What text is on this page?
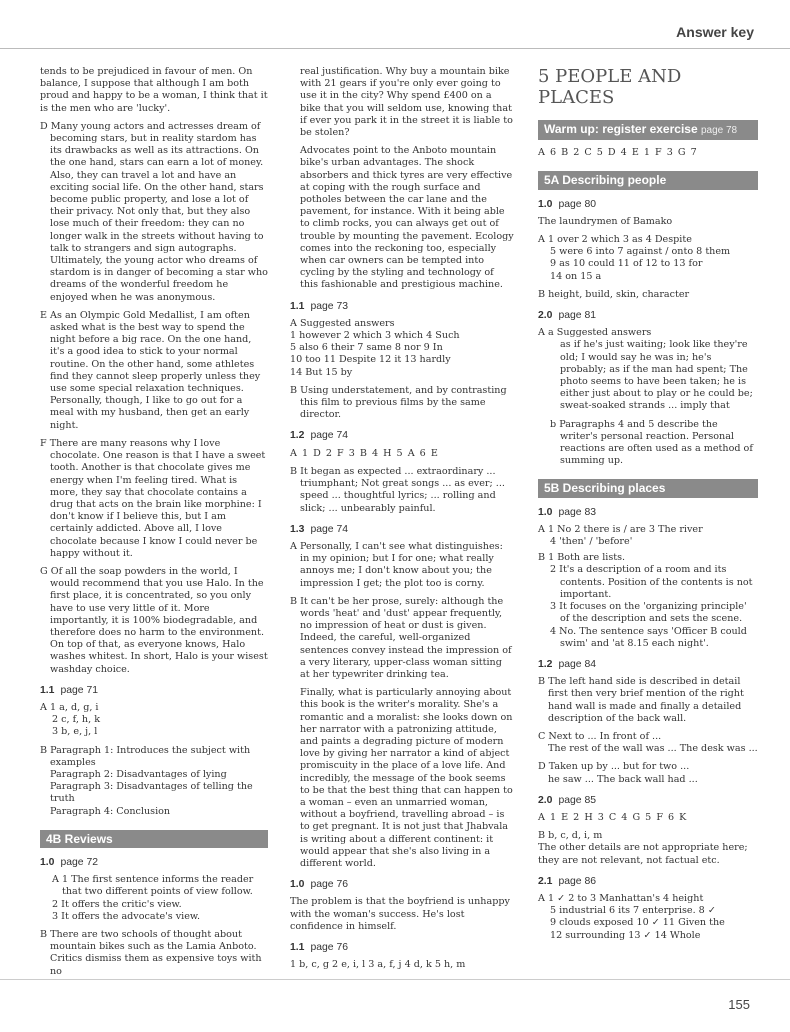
Answer key

tends to be prejudiced in favour of men. On balance, I suppose that although I am both proud and happy to be a woman, I think that it is the men who are 'lucky'.

D Many young actors and actresses dream of becoming stars, but in reality stardom has its drawbacks as well as its attractions. On the one hand, stars can earn a lot of money. Also, they can travel a lot and have an exciting social life. On the other hand, stars become public property, and lose a lot of their privacy. Not only that, but they also lose much of their freedom: they can no longer walk in the streets without having to talk to strangers and sign autographs. Ultimately, the young actor who dreams of stardom is in danger of becoming a star who dreams of the wonderful freedom he enjoyed when he was anonymous.

E As an Olympic Gold Medallist, I am often asked what is the best way to spend the night before a big race. On the one hand, it's a good idea to stick to your normal routine. On the other hand, some athletes find they cannot sleep properly unless they use some special relaxation techniques. Personally, though, I like to go out for a meal with my husband, then get an early night.

F There are many reasons why I love chocolate. One reason is that I have a sweet tooth. Another is that chocolate gives me energy when I'm feeling tired. What is more, they say that chocolate contains a drug that acts on the brain like morphine: I don't know if I believe this, but I am certainly addicted. Above all, I love chocolate because I know I could never be happy without it.

G Of all the soap powders in the world, I would recommend that you use Halo. In the first place, it is concentrated, so you only have to use very little of it. More importantly, it is 100% biodegradable, and therefore does no harm to the environment. On top of that, as everyone knows, Halo washes whitest. In short, Halo is your wisest washday choice.

1.1 page 71

A 1 a, d, g, i

2 c, f, h, k

3 b, e, j, l

B Paragraph 1: Introduces the subject with examples

Paragraph 2: Disadvantages of lying

Paragraph 3: Disadvantages of telling the truth

Paragraph 4: Conclusion

4B Reviews
1.0 page 72

A 1 The first sentence informs the reader that two different points of view follow.

2 It offers the critic's view.

3 It offers the advocate's view.

B There are two schools of thought about mountain bikes such as the Lamia Anboto. Critics dismiss them as expensive toys with no

real justification. Why buy a mountain bike with 21 gears if you're only ever going to use it in the city? Why spend £400 on a bike that you will seldom use, knowing that if ever you park it in the street it is liable to be stolen?

Advocates point to the Anboto mountain bike's urban advantages. The shock absorbers and thick tyres are very effective at coping with the rough surface and potholes between the car lane and the pavement, for instance. With it being able to climb rocks, you can always get out of trouble by mounting the pavement. Ecology comes into the reckoning too, especially when car owners can be tempted into cycling by the styling and technology of this fashionable and prestigious machine.

1.1 page 73

A Suggested answers

1 however 2 which 3 which 4 Such

5 also 6 their 7 same 8 nor 9 In

10 too 11 Despite 12 it 13 hardly

14 But 15 by

B Using understatement, and by contrasting this film to previous films by the same director.

1.2 page 74

A 1 D 2 F 3 B 4 H 5 A 6 E

B It began as expected ... extraordinary ... triumphant; Not great songs ... as ever; ... speed ... thoughtful lyrics; ... rolling and slick; ... unbearably painful.

1.3 page 74

A Personally, I can't see what distinguishes: in my opinion; but I for one; what really annoys me; I don't know about you; the impression I get; the plot too is corny.

B It can't be her prose, surely: although the words 'heat' and 'dust' appear frequently, no impression of heat or dust is given. Indeed, the careful, well-organized sentences convey instead the impression of a very literary, upper-class woman sitting at her typewriter drinking tea.

Finally, what is particularly annoying about this book is the writer's morality. She's a romantic and a moralist: she looks down on her narrator with a patronizing attitude, and paints a degrading picture of modern love by giving her narrator a kind of abject promiscuity in the place of a love life. And incredibly, the message of the book seems to be that the best thing that can happen to a woman – even an unmarried woman, without a boyfriend, travelling abroad – is to get pregnant. It is not just that Jhabvala is writing about a different continent: it would appear that she's also living in a different world.

1.0 page 76

The problem is that the boyfriend is unhappy with the woman's success. He's lost confidence in himself.

1.1 page 76

1 b, c, g 2 e, i, l 3 a, f, j 4 d, k 5 h, m

5 PEOPLE AND PLACES
Warm up: register exercise page 78

A 6 B 2 C 5 D 4 E 1 F 3 G 7

5A Describing people
1.0 page 80

The laundrymen of Bamako

A 1 over 2 which 3 as 4 Despite

5 were 6 into 7 against / onto 8 them

9 as 10 could 11 of 12 to 13 for

14 on 15 a

B height, build, skin, character

2.0 page 81

A a Suggested answers

as if he's just waiting; look like they're old; I would say he was in; he's probably; as if the man had spent; The photo seems to have been taken; he is either just about to play or he could be; sweat-soaked strands ... imply that

b Paragraphs 4 and 5 describe the writer's personal reaction. Personal reactions are often used as a method of summing up.

5B Describing places
1.0 page 83

A 1 No 2 there is / are 3 The river

4 'then' / 'before'

B 1 Both are lists.

2 It's a description of a room and its contents. Position of the contents is not important.

3 It focuses on the 'organizing principle' of the description and sets the scene.

4 No. The sentence says 'Officer B could swim' and 'at 8.15 each night'.

1.2 page 84

B The left hand side is described in detail first then very brief mention of the right hand wall is made and finally a detailed description of the back wall.

C Next to ... In front of ...

The rest of the wall was ... The desk was ...

D Taken up by ... but for two ...

he saw ... The back wall had ...

2.0 page 85

A 1 E 2 H 3 C 4 G 5 F 6 K

B b, c, d, i, m

The other details are not appropriate here; they are not relevant, not factual etc.

2.1 page 86

A 1 ✓ 2 to 3 Manhattan's 4 height

5 industrial 6 its 7 enterprise. 8 ✓

9 clouds exposed 10 ✓ 11 Given the

12 surrounding 13 ✓ 14 Whole

155
